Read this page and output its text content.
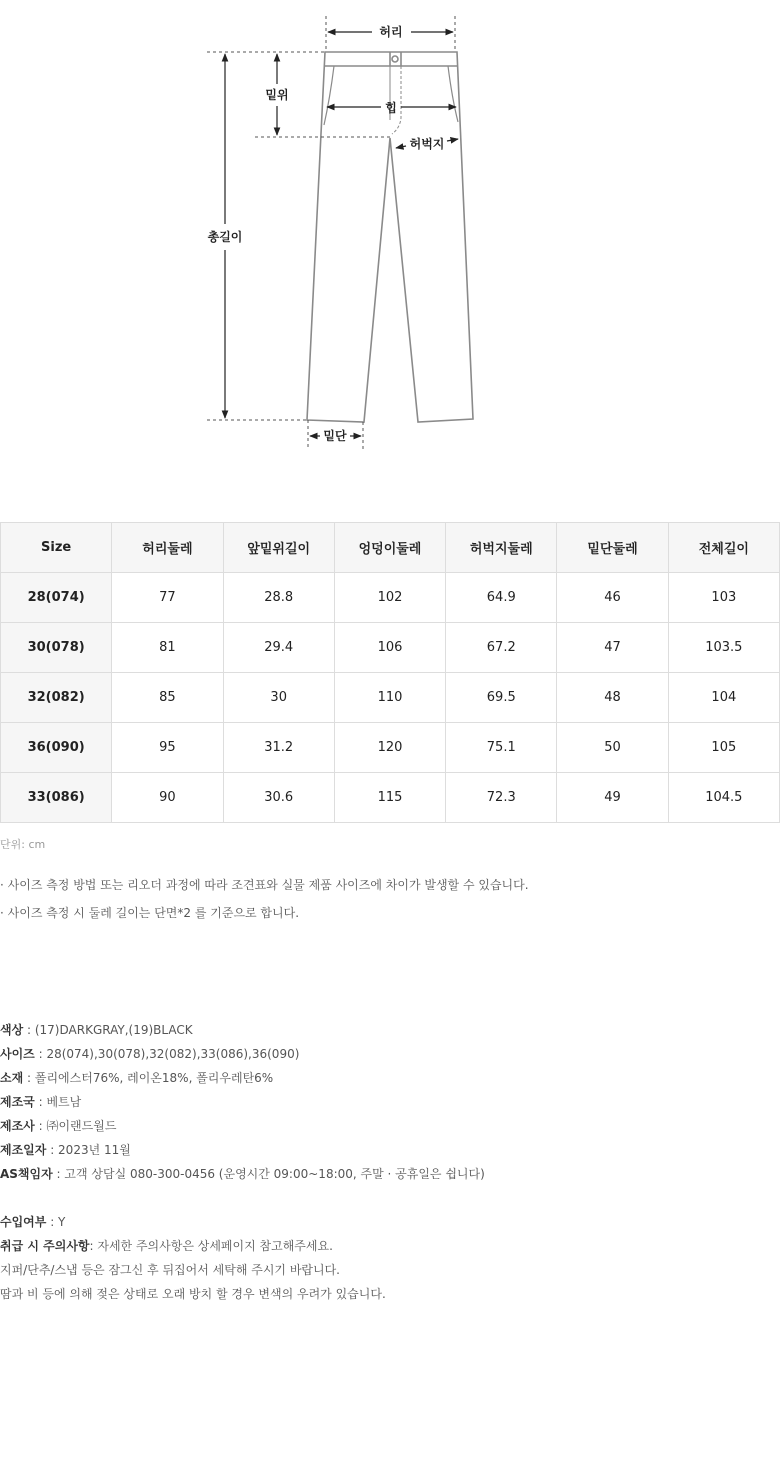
허리
밑위
힙
허벅지
총길이
밑단
Size	허리둘레	앞밑위길이	엉덩이둘레	허벅지둘레	밑단둘레	전체길이
28(074)	77	28.8	102	64.9	46	103
30(078)	81	29.4	106	67.2	47	103.5
32(082)	85	30	110	69.5	48	104
36(090)	95	31.2	120	75.1	50	105
33(086)	90	30.6	115	72.3	49	104.5
단위: cm
· 사이즈 측정 방법 또는 리오더 과정에 따라 조견표와 실물 제품 사이즈에 차이가 발생할 수 있습니다.
· 사이즈 측정 시 둘레 길이는 단면*2 를 기준으로 합니다.
색상 : (17)DARKGRAY,(19)BLACK
사이즈 : 28(074),30(078),32(082),33(086),36(090)
소재 : 폴리에스터76%, 레이온18%, 폴리우레탄6%
제조국 : 베트남
제조사 : ㈜이랜드월드
제조일자 : 2023년 11월
AS책임자 : 고객 상담실 080-300-0456 (운영시간 09:00~18:00, 주말 · 공휴일은 쉽니다)
수입여부 : Y
취급 시 주의사항: 자세한 주의사항은 상세페이지 참고해주세요.
지퍼/단추/스냅 등은 잠그신 후 뒤집어서 세탁해 주시기 바랍니다.
땀과 비 등에 의해 젖은 상태로 오래 방치 할 경우 변색의 우려가 있습니다.
